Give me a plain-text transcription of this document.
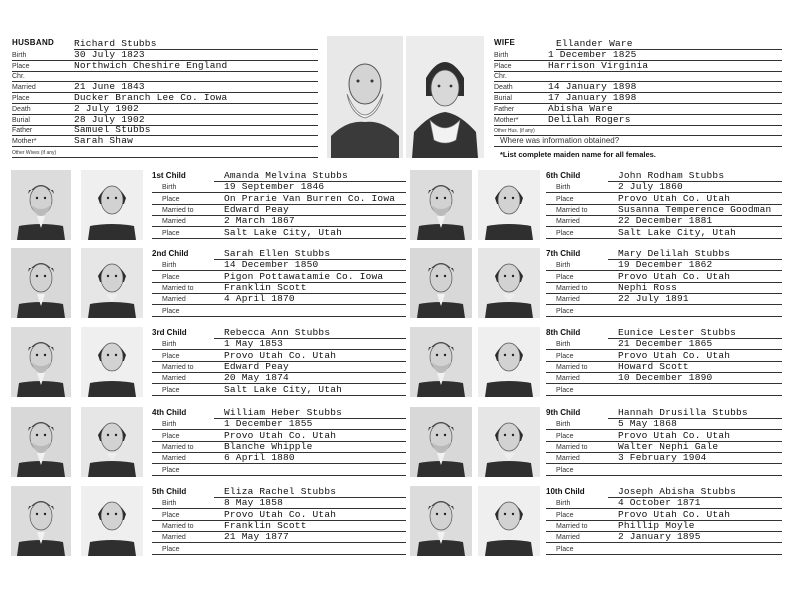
HUSBAND Richard Stubbs
Birth	30 July 1823
Place	Northwich Cheshire England
Chr.
Married	21 June 1843
Place	Ducker Branch Lee Co. Iowa
Death	2 July 1902
Burial	28 July 1902
Father	Samuel Stubbs
Mother*	Sarah Shaw
Other Wives (if any)
WIFE	Ellander Ware
Birth	1 December 1825
Place	Harrison Virginia
Chr.
Death	14 January 1898
Burial	17 January 1898
Father	Abisha Ware
Mother*	Delilah Rogers
Other Hus. (if any)
Where was information obtained?
*List complete maiden name for all females.
Amanda Melvina Stubbs
Birth	19 September 1846
Place	On Prarie Van Burren Co. Iowa
Married to	Edward Peay
Married	2 March 1867
Place	Salt Lake City, Utah
1st Child
Sarah Ellen Stubbs
Birth	14 December 1850
Place	Pigon Pottawatamie Co. Iowa
Married to	Franklin Scott
Married	4 April 1870
Place
2nd Child
Rebecca Ann Stubbs
Birth	1 May 1853
Place	Provo Utah Co. Utah
Married to	Edward Peay
Married	20 May 1874
Place	Salt Lake City, Utah
3rd Child
William Heber Stubbs
Birth	1 December 1855
Place	Provo Utah Co. Utah
Married to	Blanche Whipple
Married	6 April 1880
Place
4th Child
Eliza Rachel Stubbs
Birth	8 May 1858
Place	Provo Utah Co. Utah
Married to	Franklin Scott
Married	21 May 1877
Place
5th Child
John Rodham Stubbs
Birth	2 July 1860
Place	Provo Utah Co. Utah
Married to	Susanna Temperence Goodman
Married	22 December 1881
Place	Salt Lake City, Utah
6th Child
Mary Delilah Stubbs
Birth	19 December 1862
Place	Provo Utah Co. Utah
Married to	Nephi Ross
Married	22 July 1891
Place
7th Child
Eunice Lester Stubbs
Birth	21 December 1865
Place	Provo Utah Co. Utah
Married to	Howard Scott
Married	10 December 1890
Place
8th Child
Hannah Drusilla Stubbs
Birth	5 May 1868
Place	Provo Utah Co. Utah
Married to	Walter Nephi Gale
Married	3 February 1904
Place
9th Child
Joseph Abisha Stubbs
Birth	4 October 1871
Place	Provo Utah Co. Utah
Married to	Phillip Moyle
Married	2 January 1895
Place
10th Child
